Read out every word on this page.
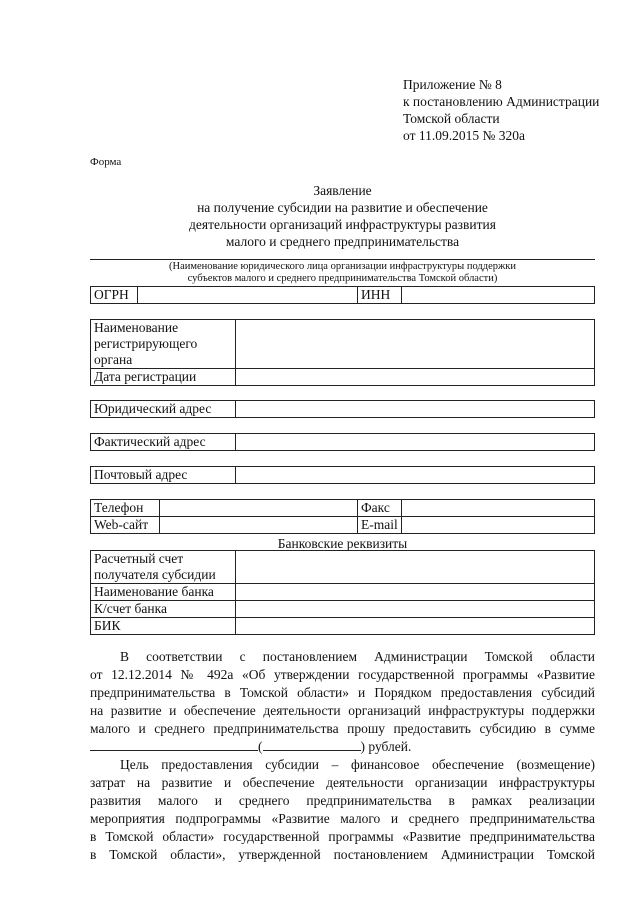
Приложение № 8
к постановлению Администрации
Томской области
от 11.09.2015 № 320а
Форма
Заявление
на получение субсидии на развитие и обеспечение
деятельности организаций инфраструктуры развития
малого и среднего предпринимательства
(Наименование юридического лица организации инфраструктуры поддержки
субъектов малого и среднего предпринимательства Томской области)
ОГРН		ИНН	
Наименование
регистрирующего
органа	
Дата регистрации	
Юридический адрес	
Фактический адрес	
Почтовый адрес	
Телефон		Факс	
Web-сайт		E-mail	
Банковские реквизиты
Расчетный счет
получателя субсидии	
Наименование банка	
К/счет банка	
БИК	

В соответствии с постановлением Администрации Томской области

от 12.12.2014 № 492а «Об утверждении государственной программы «Развитие

предпринимательства в Томской области» и Порядком предоставления субсидий

на развитие и обеспечение деятельности организаций инфраструктуры поддержки

малого и среднего предпринимательства прошу предоставить субсидию в сумме

(	) рублей.

Цель предоставления субсидии – финансовое обеспечение (возмещение)

затрат на развитие и обеспечение деятельности организации инфраструктуры

развития малого и среднего предпринимательства в рамках реализации

мероприятия подпрограммы «Развитие малого и среднего предпринимательства

в Томской области» государственной программы «Развитие предпринимательства

в Томской области», утвержденной постановлением Администрации Томской
